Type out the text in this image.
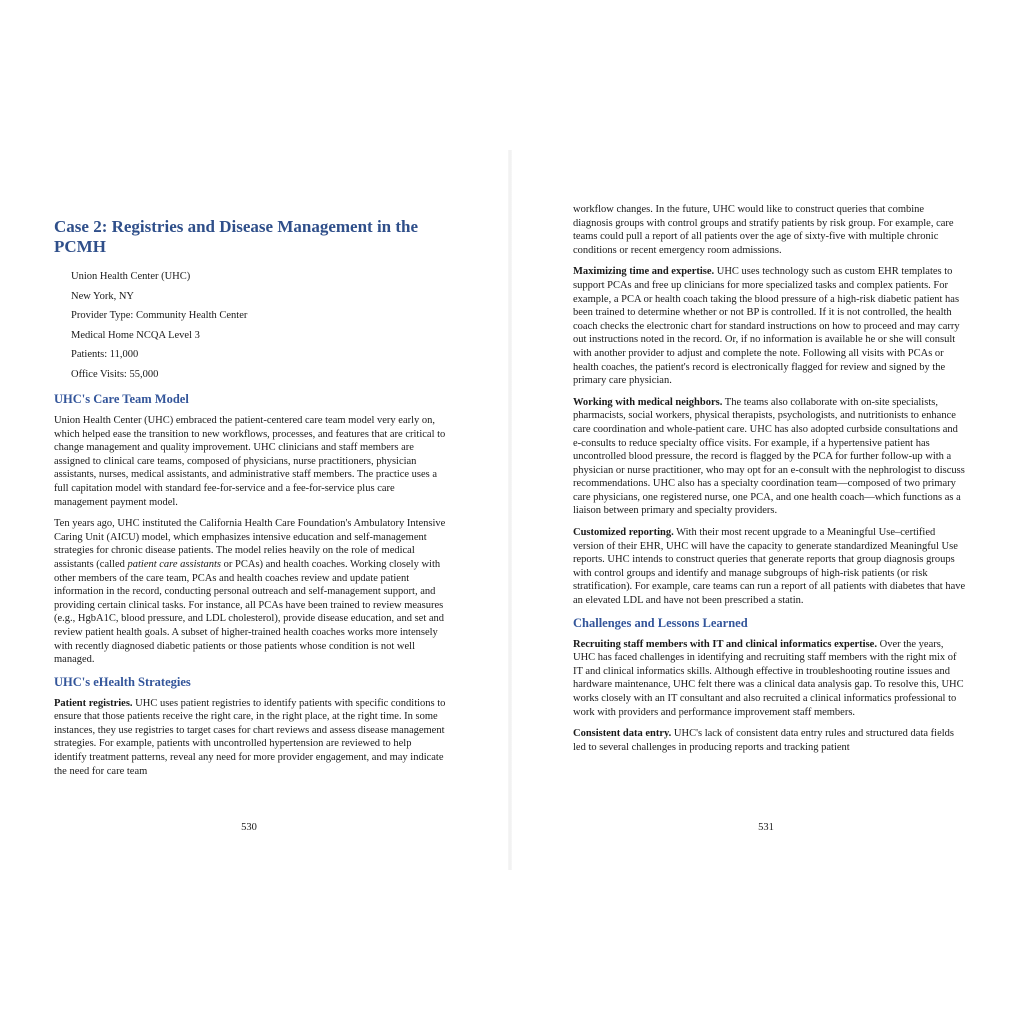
Case 2: Registries and Disease Management in the PCMH
Union Health Center (UHC)
New York, NY
Provider Type: Community Health Center
Medical Home NCQA Level 3
Patients: 11,000
Office Visits: 55,000
UHC's Care Team Model

Union Health Center (UHC) embraced the patient-centered care team model very early on, which helped ease the transition to new workflows, processes, and features that are critical to change management and quality improvement. UHC clinicians and staff members are assigned to clinical care teams, composed of physicians, nurse practitioners, physician assistants, nurses, medical assistants, and administrative staff members. The practice uses a full capitation model with standard fee-for-service and a fee-for-service plus care management payment model.

Ten years ago, UHC instituted the California Health Care Foundation's Ambulatory Intensive Caring Unit (AICU) model, which emphasizes intensive education and self-management strategies for chronic disease patients. The model relies heavily on the role of medical assistants (called patient care assistants or PCAs) and health coaches. Working closely with other members of the care team, PCAs and health coaches review and update patient information in the record, conducting personal outreach and self-management support, and providing certain clinical tasks. For instance, all PCAs have been trained to review measures (e.g., HgbA1C, blood pressure, and LDL cholesterol), provide disease education, and set and review patient health goals. A subset of higher-trained health coaches works more intensely with recently diagnosed diabetic patients or those patients whose condition is not well managed.

UHC's eHealth Strategies

Patient registries. UHC uses patient registries to identify patients with specific conditions to ensure that those patients receive the right care, in the right place, at the right time. In some instances, they use registries to target cases for chart reviews and assess disease management strategies. For example, patients with uncontrolled hypertension are reviewed to help identify treatment patterns, reveal any need for more provider engagement, and may indicate the need for care team

530

workflow changes. In the future, UHC would like to construct queries that combine diagnosis groups with control groups and stratify patients by risk group. For example, care teams could pull a report of all patients over the age of sixty-five with multiple chronic conditions or recent emergency room admissions.

Maximizing time and expertise. UHC uses technology such as custom EHR templates to support PCAs and free up clinicians for more specialized tasks and complex patients. For example, a PCA or health coach taking the blood pressure of a high-risk diabetic patient has been trained to determine whether or not BP is controlled. If it is not controlled, the health coach checks the electronic chart for standard instructions on how to proceed and may carry out instructions noted in the record. Or, if no information is available he or she will consult with another provider to adjust and complete the note. Following all visits with PCAs or health coaches, the patient's record is electronically flagged for review and signed by the primary care physician.

Working with medical neighbors. The teams also collaborate with on-site specialists, pharmacists, social workers, physical therapists, psychologists, and nutritionists to enhance care coordination and whole-patient care. UHC has also adopted curbside consultations and e-consults to reduce specialty office visits. For example, if a hypertensive patient has uncontrolled blood pressure, the record is flagged by the PCA for further follow-up with a physician or nurse practitioner, who may opt for an e-consult with the nephrologist to discuss recommendations. UHC also has a specialty coordination team—composed of two primary care physicians, one registered nurse, one PCA, and one health coach—which functions as a liaison between primary and specialty providers.

Customized reporting. With their most recent upgrade to a Meaningful Use–certified version of their EHR, UHC will have the capacity to generate standardized Meaningful Use reports. UHC intends to construct queries that generate reports that group diagnosis groups with control groups and identify and manage subgroups of high-risk patients (or risk stratification). For example, care teams can run a report of all patients with diabetes that have an elevated LDL and have not been prescribed a statin.

Challenges and Lessons Learned

Recruiting staff members with IT and clinical informatics expertise. Over the years, UHC has faced challenges in identifying and recruiting staff members with the right mix of IT and clinical informatics skills. Although effective in troubleshooting routine issues and hardware maintenance, UHC felt there was a clinical data analysis gap. To resolve this, UHC works closely with an IT consultant and also recruited a clinical informatics professional to work with providers and performance improvement staff members.

Consistent data entry. UHC's lack of consistent data entry rules and structured data fields led to several challenges in producing reports and tracking patient

531
